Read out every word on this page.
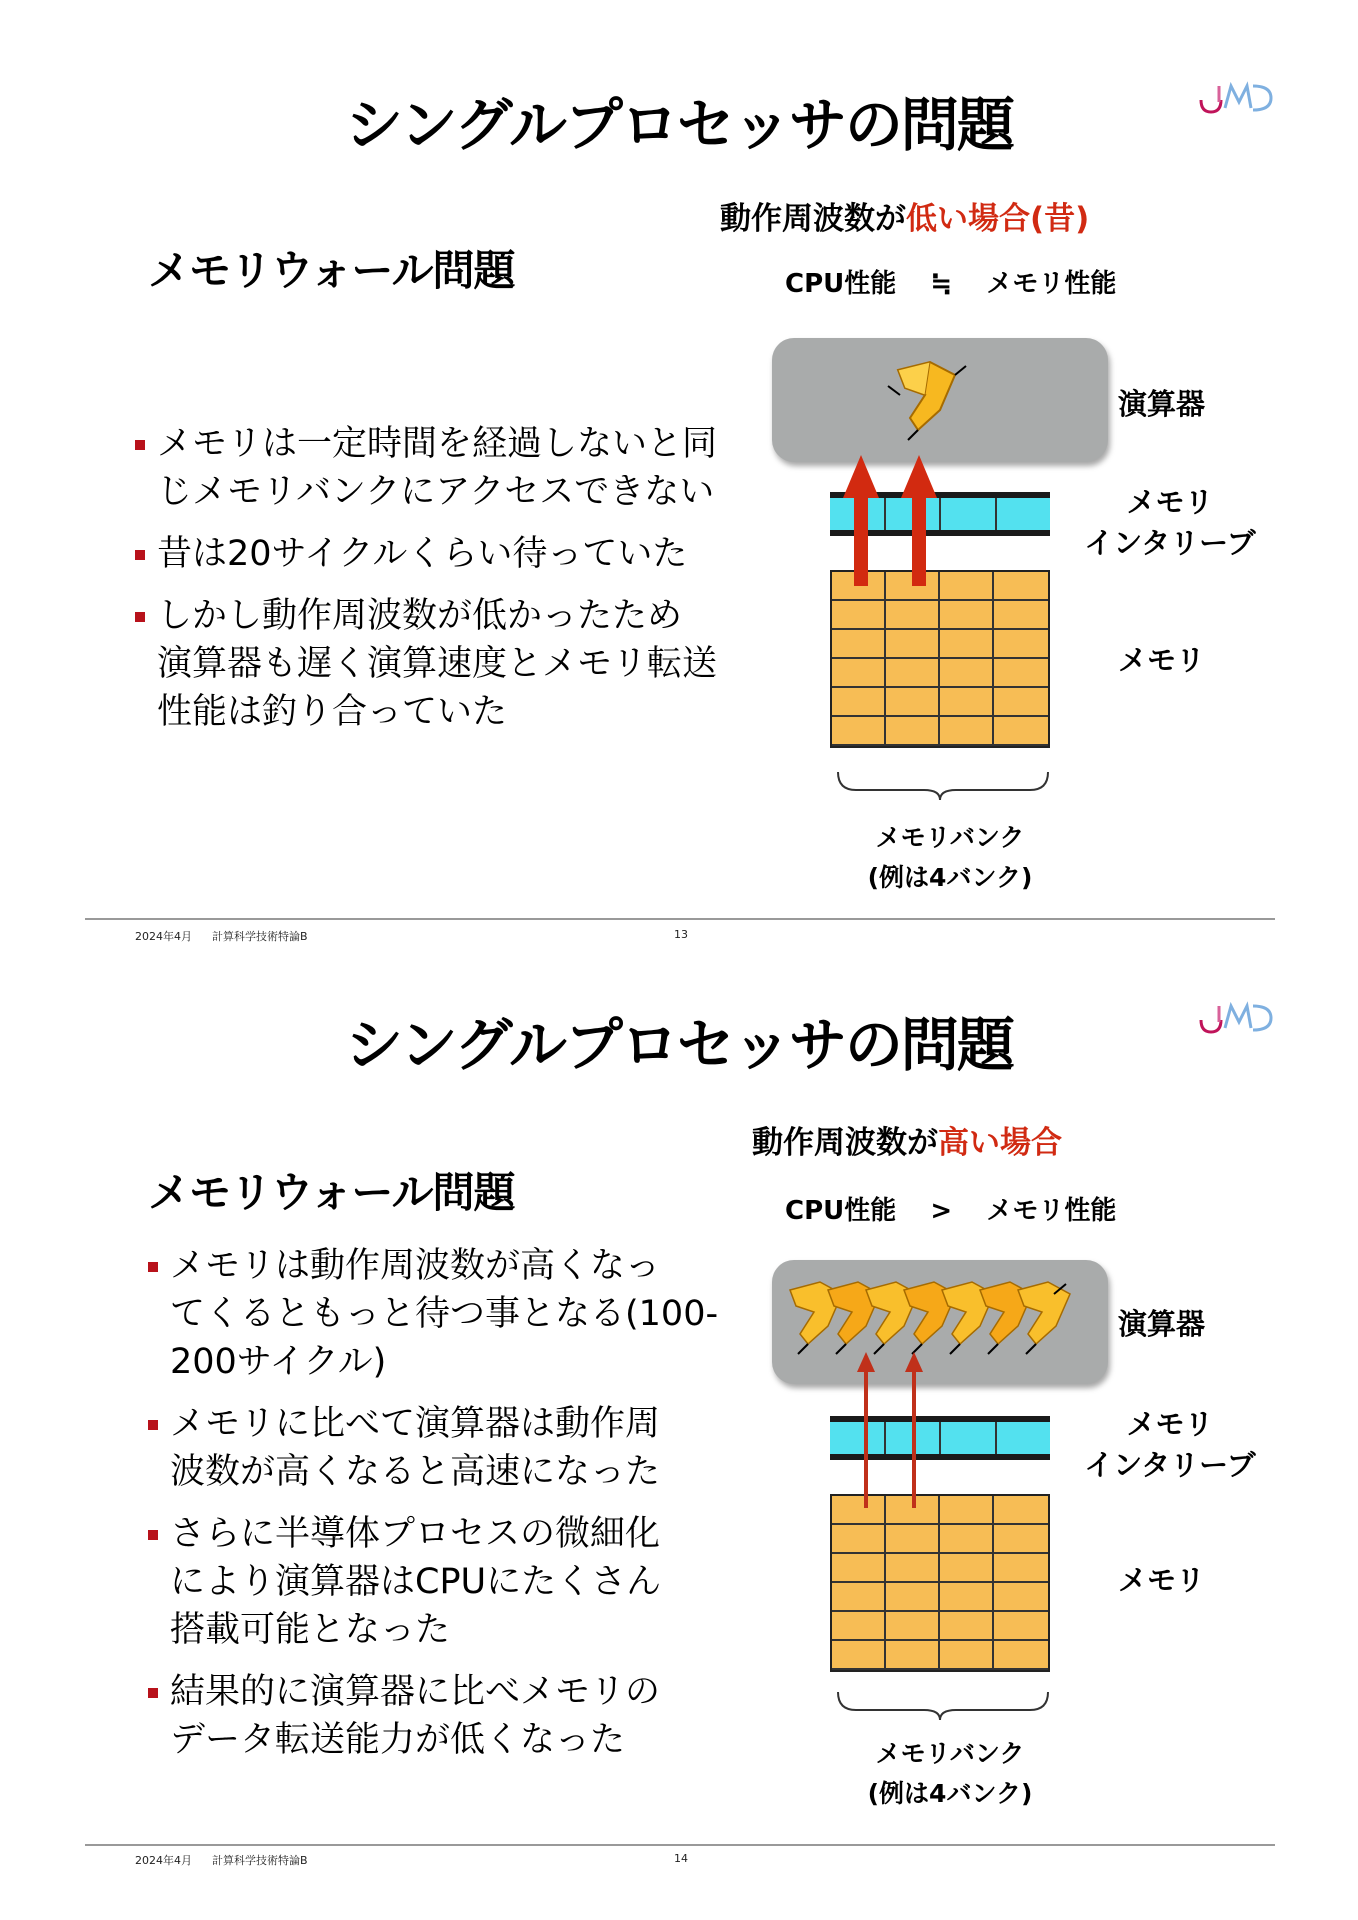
シングルプロセッサの問題
メモリウォール問題
メモリは一定時間を経過しないと同
じメモリバンクにアクセスできない
昔は20サイクルくらい待っていた
しかし動作周波数が低かったため
演算器も遅く演算速度とメモリ転送
性能は釣り合っていた
動作周波数が低い場合(昔)
CPU性能 ≒ メモリ性能
演算器
メモリ
インタリーブ
メモリ
メモリバンク
(例は4バンク)
2024年4月 計算科学技術特論B	13
シングルプロセッサの問題
メモリウォール問題
メモリは動作周波数が高くなっ
てくるともっと待つ事となる(100-
200サイクル)
メモリに比べて演算器は動作周
波数が高くなると高速になった
さらに半導体プロセスの微細化
により演算器はCPUにたくさん
搭載可能となった
結果的に演算器に比べメモリの
データ転送能力が低くなった
動作周波数が高い場合
CPU性能 > メモリ性能
演算器
メモリ
インタリーブ
メモリ
メモリバンク
(例は4バンク)
2024年4月 計算科学技術特論B	14
